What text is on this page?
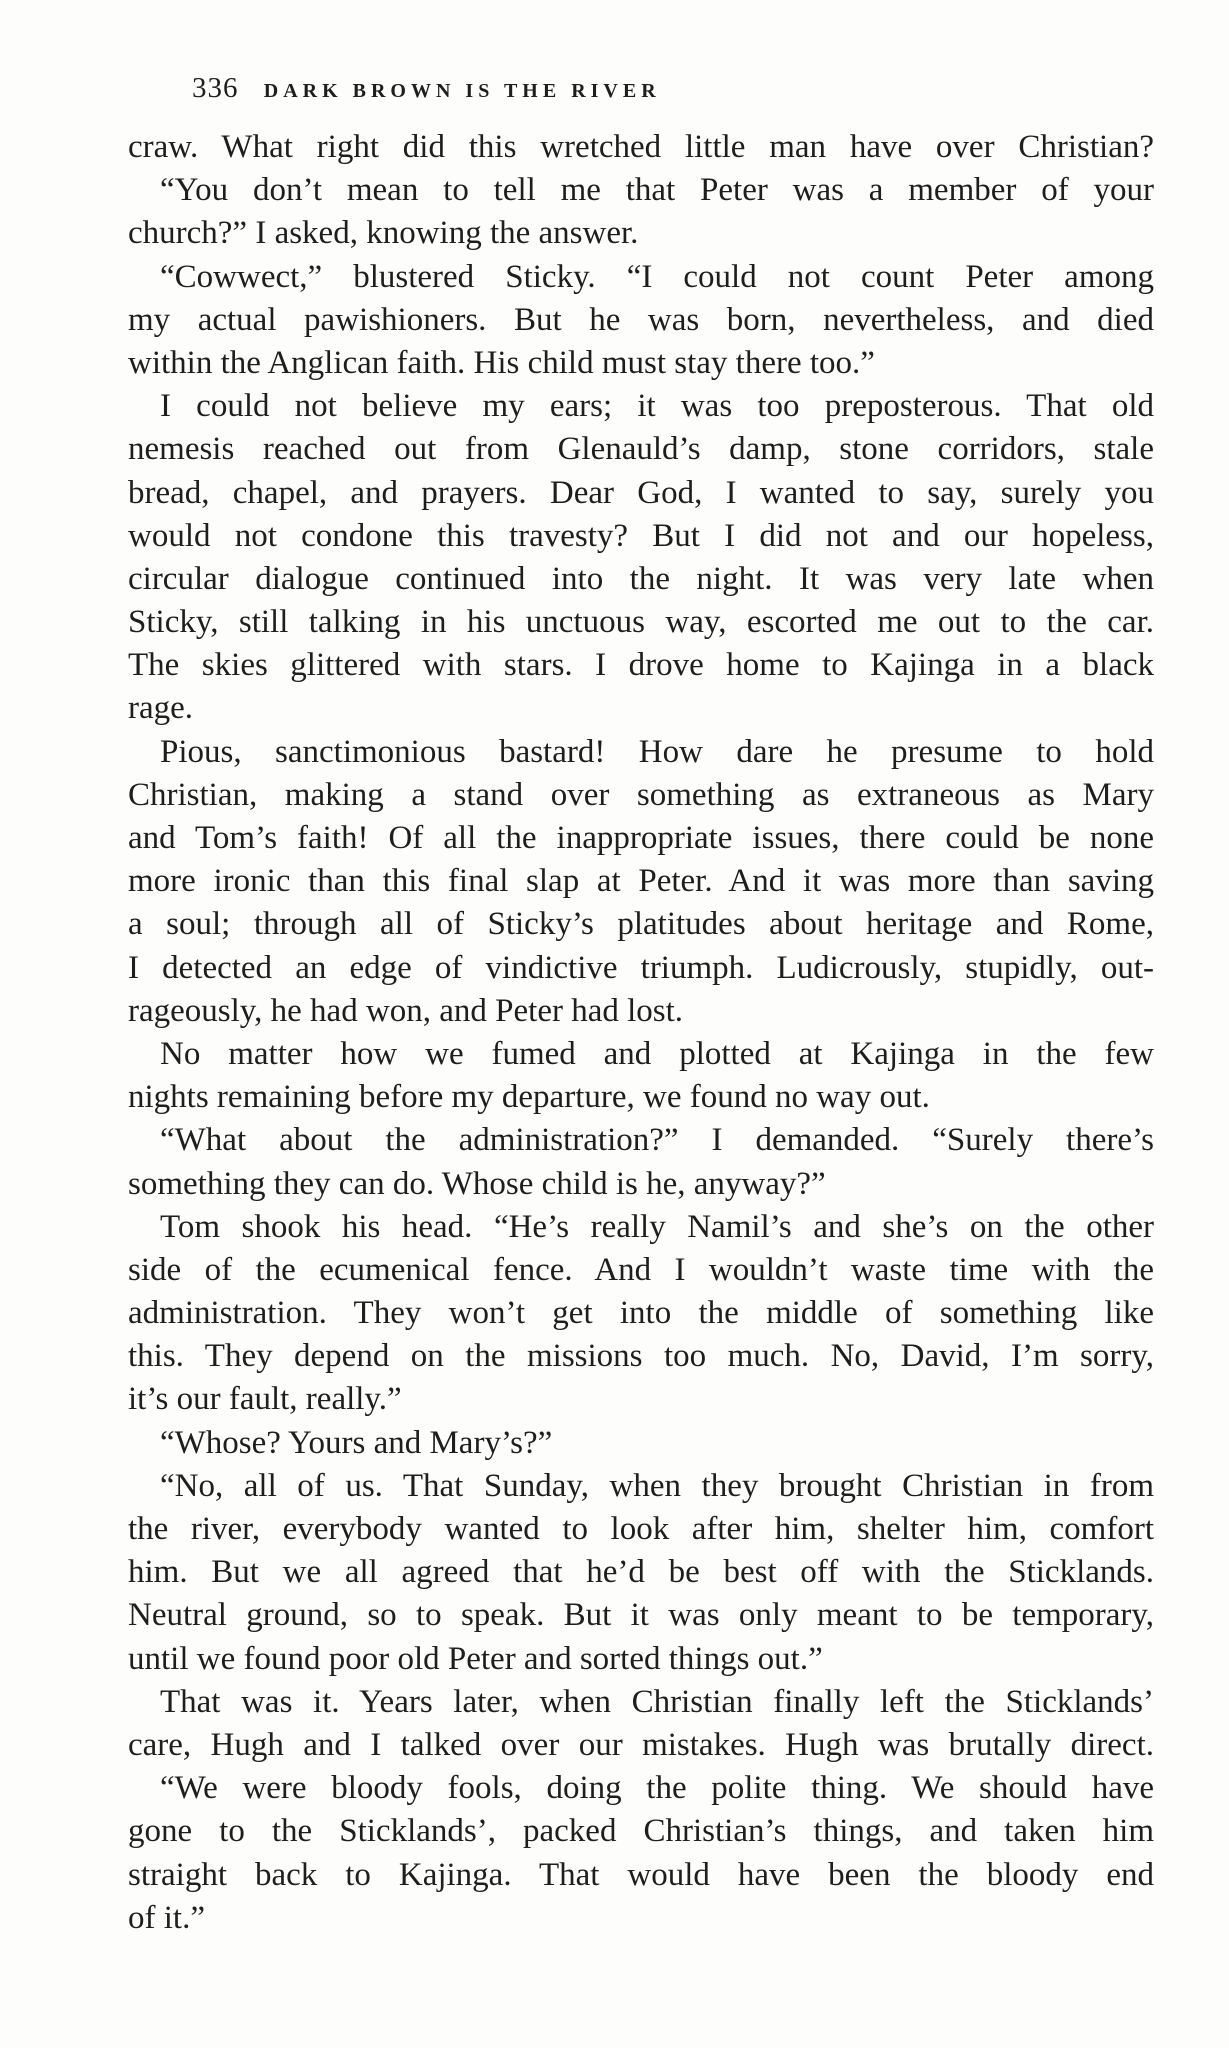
336 DARK BROWN IS THE RIVER
craw. What right did this wretched little man have over Christian?
“You don’t mean to tell me that Peter was a member of your
church?” I asked, knowing the answer.
“Cowwect,” blustered Sticky. “I could not count Peter among
my actual pawishioners. But he was born, nevertheless, and died
within the Anglican faith. His child must stay there too.”
I could not believe my ears; it was too preposterous. That old
nemesis reached out from Glenauld’s damp, stone corridors, stale
bread, chapel, and prayers. Dear God, I wanted to say, surely you
would not condone this travesty? But I did not and our hopeless,
circular dialogue continued into the night. It was very late when
Sticky, still talking in his unctuous way, escorted me out to the car.
The skies glittered with stars. I drove home to Kajinga in a black
rage.
Pious, sanctimonious bastard! How dare he presume to hold
Christian, making a stand over something as extraneous as Mary
and Tom’s faith! Of all the inappropriate issues, there could be none
more ironic than this final slap at Peter. And it was more than saving
a soul; through all of Sticky’s platitudes about heritage and Rome,
I detected an edge of vindictive triumph. Ludicrously, stupidly, out-
rageously, he had won, and Peter had lost.
No matter how we fumed and plotted at Kajinga in the few
nights remaining before my departure, we found no way out.
“What about the administration?” I demanded. “Surely there’s
something they can do. Whose child is he, anyway?”
Tom shook his head. “He’s really Namil’s and she’s on the other
side of the ecumenical fence. And I wouldn’t waste time with the
administration. They won’t get into the middle of something like
this. They depend on the missions too much. No, David, I’m sorry,
it’s our fault, really.”
“Whose? Yours and Mary’s?”
“No, all of us. That Sunday, when they brought Christian in from
the river, everybody wanted to look after him, shelter him, comfort
him. But we all agreed that he’d be best off with the Sticklands.
Neutral ground, so to speak. But it was only meant to be temporary,
until we found poor old Peter and sorted things out.”
That was it. Years later, when Christian finally left the Sticklands’
care, Hugh and I talked over our mistakes. Hugh was brutally direct.
“We were bloody fools, doing the polite thing. We should have
gone to the Sticklands’, packed Christian’s things, and taken him
straight back to Kajinga. That would have been the bloody end
of it.”
